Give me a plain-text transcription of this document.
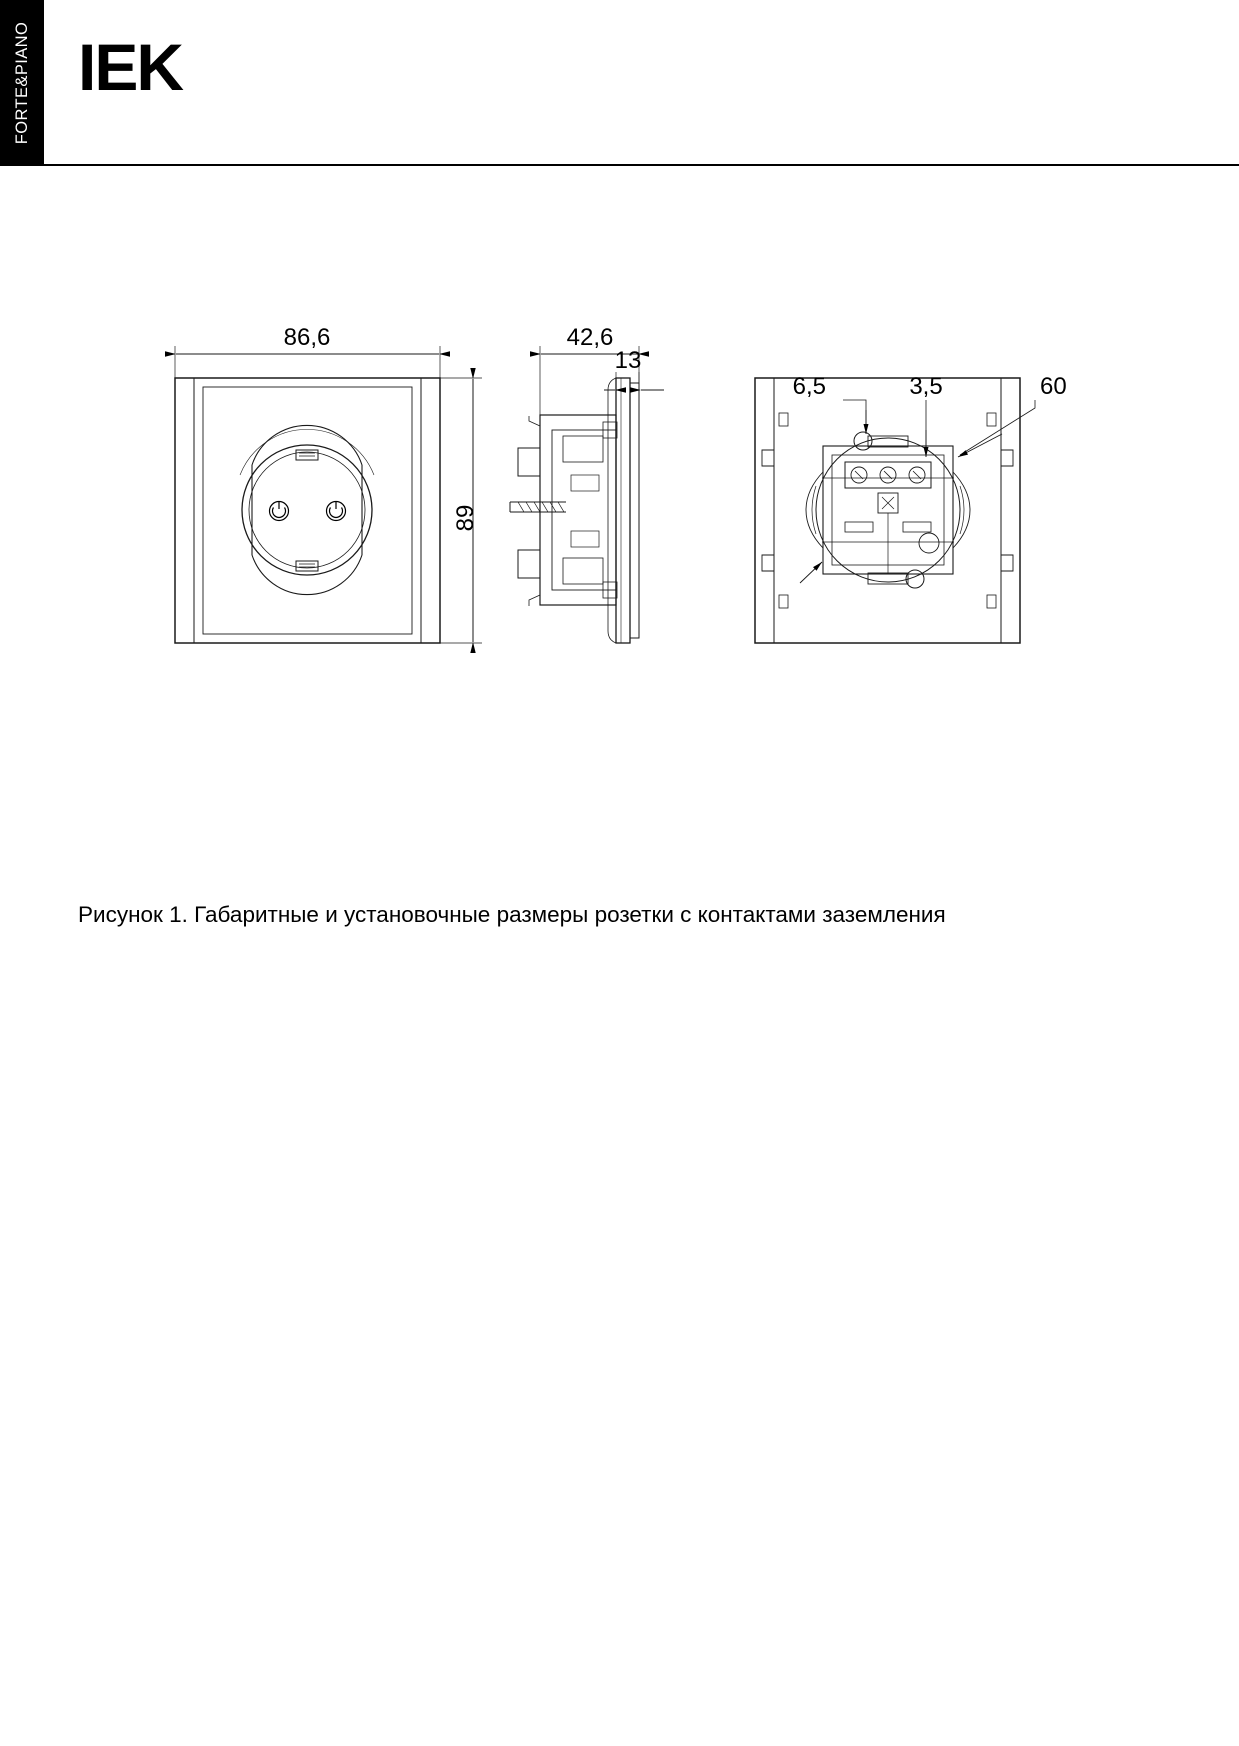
FORTE&PIANO IEK
86,6
89
42,6
13
⁠6,5	3,5	⁠60
Рисунок 1. Габаритные и установочные размеры розетки с контактами заземления
